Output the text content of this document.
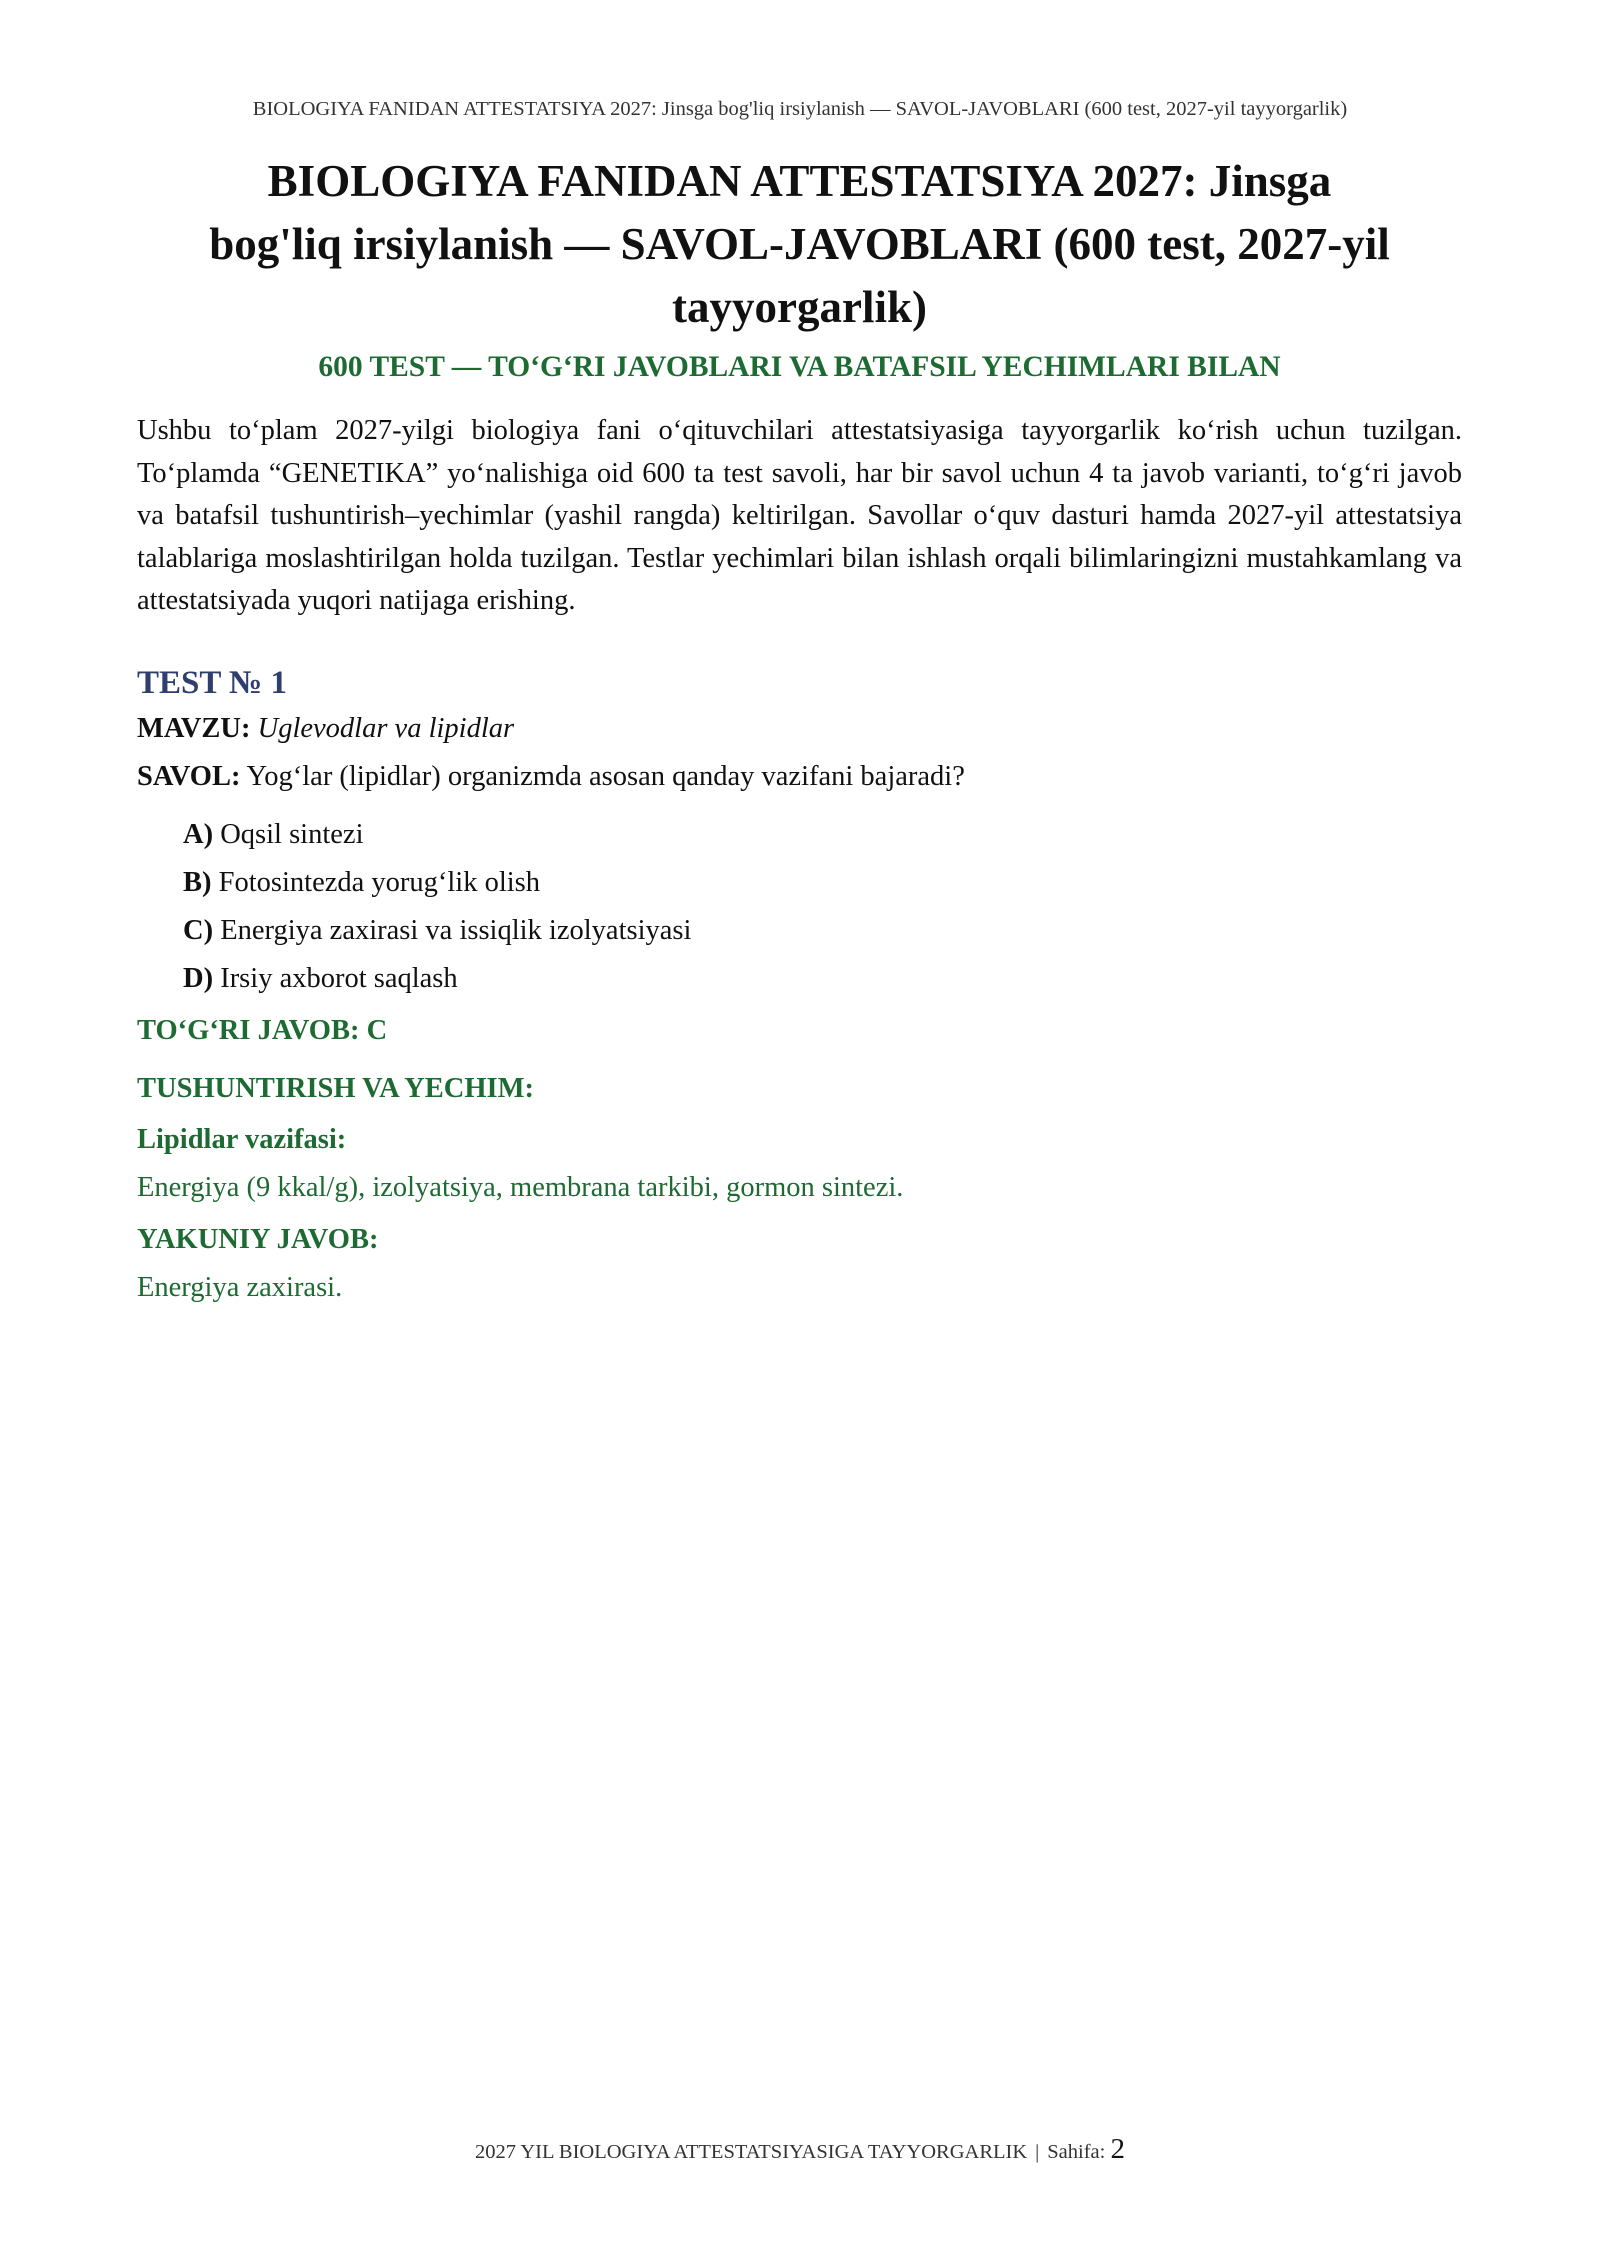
BIOLOGIYA FANIDAN ATTESTATSIYA 2027: Jinsga bog'liq irsiylanish — SAVOL-JAVOBLARI (600 test, 2027-yil tayyorgarlik)
BIOLOGIYA FANIDAN ATTESTATSIYA 2027: Jinsga
bog'liq irsiylanish — SAVOL-JAVOBLARI (600 test, 2027-yil
tayyorgarlik)
600 TEST — TO‘G‘RI JAVOBLARI VA BATAFSIL YECHIMLARI BILAN

Ushbu to‘plam 2027-yilgi biologiya fani o‘qituvchilari attestatsiyasiga tayyorgarlik ko‘rish uchun tuzilgan. To‘plamda “GENETIKA” yo‘nalishiga oid 600 ta test savoli, har bir savol uchun 4 ta javob varianti, to‘g‘ri javob va batafsil tushuntirish–yechimlar (yashil rangda) keltirilgan. Savollar o‘quv dasturi hamda 2027-yil attestatsiya talablariga moslashtirilgan holda tuzilgan. Testlar yechimlari bilan ishlash orqali bilimlaringizni mustahkamlang va attestatsiyada yuqori natijaga erishing.

TEST № 1

MAVZU: Uglevodlar va lipidlar

SAVOL: Yog‘lar (lipidlar) organizmda asosan qanday vazifani bajaradi?

A) Oqsil sintezi
B) Fotosintezda yorug‘lik olish
C) Energiya zaxirasi va issiqlik izolyatsiyasi
D) Irsiy axborot saqlash

TO‘G‘RI JAVOB: C

TUSHUNTIRISH VA YECHIM:

Lipidlar vazifasi:

Energiya (9 kkal/g), izolyatsiya, membrana tarkibi, gormon sintezi.

YAKUNIY JAVOB:

Energiya zaxirasi.

2027 YIL BIOLOGIYA ATTESTATSIYASIGA TAYYORGARLIK | Sahifa: 2
